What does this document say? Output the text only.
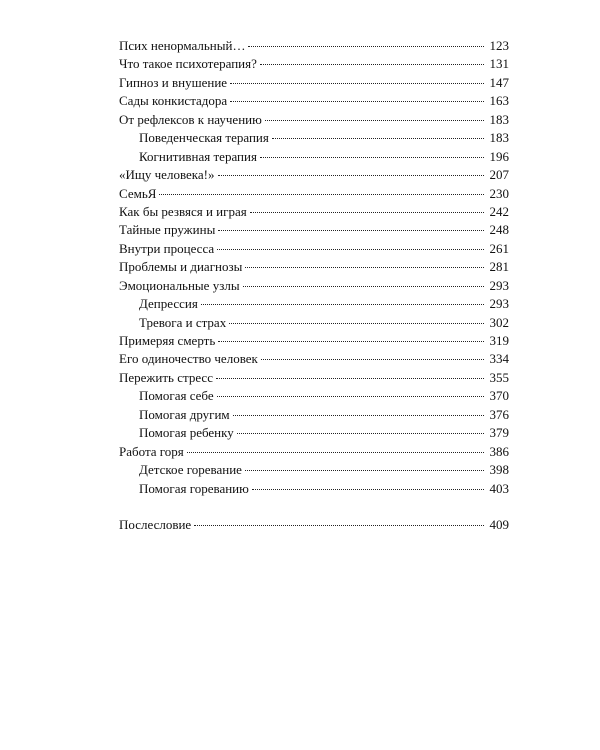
Псих ненормальный…	123
Что такое психотерапия?	131
Гипноз и внушение	147
Сады конкистадора	163
От рефлексов к научению	183
Поведенческая терапия	183
Когнитивная терапия	196
«Ищу человека!»	207
СемьЯ	230
Как бы резвяся и играя	242
Тайные пружины	248
Внутри процесса	261
Проблемы и диагнозы	281
Эмоциональные узлы	293
Депрессия	293
Тревога и страх	302
Примеряя смерть	319
Его одиночество человек	334
Пережить стресс	355
Помогая себе	370
Помогая другим	376
Помогая ребенку	379
Работа горя	386
Детское горевание	398
Помогая гореванию	403
Послесловие	409
